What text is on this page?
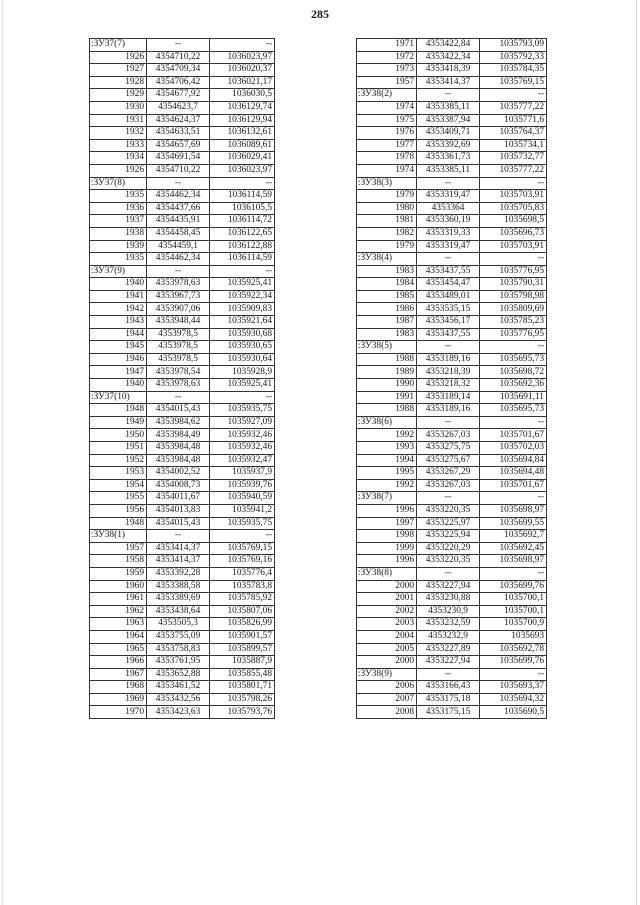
285
:ЗУ37(7)	--	--
1926	4354710,22	1036023,97
1927	4354709,34	1036020,37
1928	4354706,42	1036021,17
1929	4354677,92	1036030,5
1930	4354623,7	1036129,74
1931	4354624,37	1036129,94
1932	4354633,51	1036132,61
1933	4354657,69	1036089,61
1934	4354691,54	1036029,41
1926	4354710,22	1036023,97
:ЗУ37(8)	--	--
1935	4354462,34	1036114,59
1936	4354437,66	1036105,5
1937	4354435,91	1036114,72
1938	4354458,45	1036122,65
1939	4354459,1	1036122,88
1935	4354462,34	1036114,59
:ЗУ37(9)	--	--
1940	4353978,63	1035925,41
1941	4353967,73	1035922,34
1942	4353907,06	1035909,83
1943	4353948,44	1035921,64
1944	4353978,5	1035930,68
1945	4353978,5	1035930,65
1946	4353978,5	1035930,64
1947	4353978,54	1035928,9
1940	4353978,63	1035925,41
:ЗУ37(10)	--	--
1948	4354015,43	1035935,75
1949	4353984,62	1035927,09
1950	4353984,49	1035932,46
1951	4353984,48	1035932,46
1952	4353984,48	1035932,47
1953	4354002,52	1035937,9
1954	4354008,73	1035939,76
1955	4354011,67	1035940,59
1956	4354013,83	1035941,2
1948	4354015,43	1035935,75
:ЗУ38(1)	--	--
1957	4353414,37	1035769,15
1958	4353414,37	1035769,16
1959	4353392,28	1035776,4
1960	4353388,58	1035783,8
1961	4353389,69	1035785,92
1962	4353438,64	1035807,06
1963	4353505,3	1035826,99
1964	4353755,09	1035901,57
1965	4353758,83	1035899,57
1966	4353761,95	1035887,9
1967	4353652,88	1035855,48
1968	4353461,52	1035801,71
1969	4353432,56	1035798,26
1970	4353423,63	1035793,76
1971	4353422,84	1035793,09
1972	4353422,34	1035792,33
1973	4353418,39	1035784,35
1957	4353414,37	1035769,15
:ЗУ38(2)	--	--
1974	4353385,11	1035777,22
1975	4353387,94	1035771,6
1976	4353409,71	1035764,37
1977	4353392,69	1035734,1
1978	4353361,73	1035732,77
1974	4353385,11	1035777,22
:ЗУ38(3)	--	--
1979	4353319,47	1035703,91
1980	4353364	1035705,83
1981	4353360,19	1035698,5
1982	4353319,33	1035696,73
1979	4353319,47	1035703,91
:ЗУ38(4)	--	--
1983	4353437,55	1035776,95
1984	4353454,47	1035790,31
1985	4353489,01	1035798,98
1986	4353535,15	1035809,69
1987	4353456,17	1035785,23
1983	4353437,55	1035776,95
:ЗУ38(5)	--	--
1988	4353189,16	1035695,73
1989	4353218,39	1035698,72
1990	4353218,32	1035692,36
1991	4353189,14	1035691,11
1988	4353189,16	1035695,73
:ЗУ38(6)	--	--
1992	4353267,03	1035701,67
1993	4353275,75	1035702,03
1994	4353275,67	1035694,84
1995	4353267,29	1035694,48
1992	4353267,03	1035701,67
:ЗУ38(7)	--	--
1996	4353220,35	1035698,97
1997	4353225,97	1035699,55
1998	4353225,94	1035692,7
1999	4353220,29	1035692,45
1996	4353220,35	1035698,97
:ЗУ38(8)	--	--
2000	4353227,94	1035699,76
2001	4353230,88	1035700,1
2002	4353230,9	1035700,1
2003	4353232,59	1035700,9
2004	4353232,9	1035693
2005	4353227,89	1035692,78
2000	4353227,94	1035699,76
:ЗУ38(9)	--	--
2006	4353166,43	1035693,37
2007	4353175,18	1035694,32
2008	4353175,15	1035690,5
